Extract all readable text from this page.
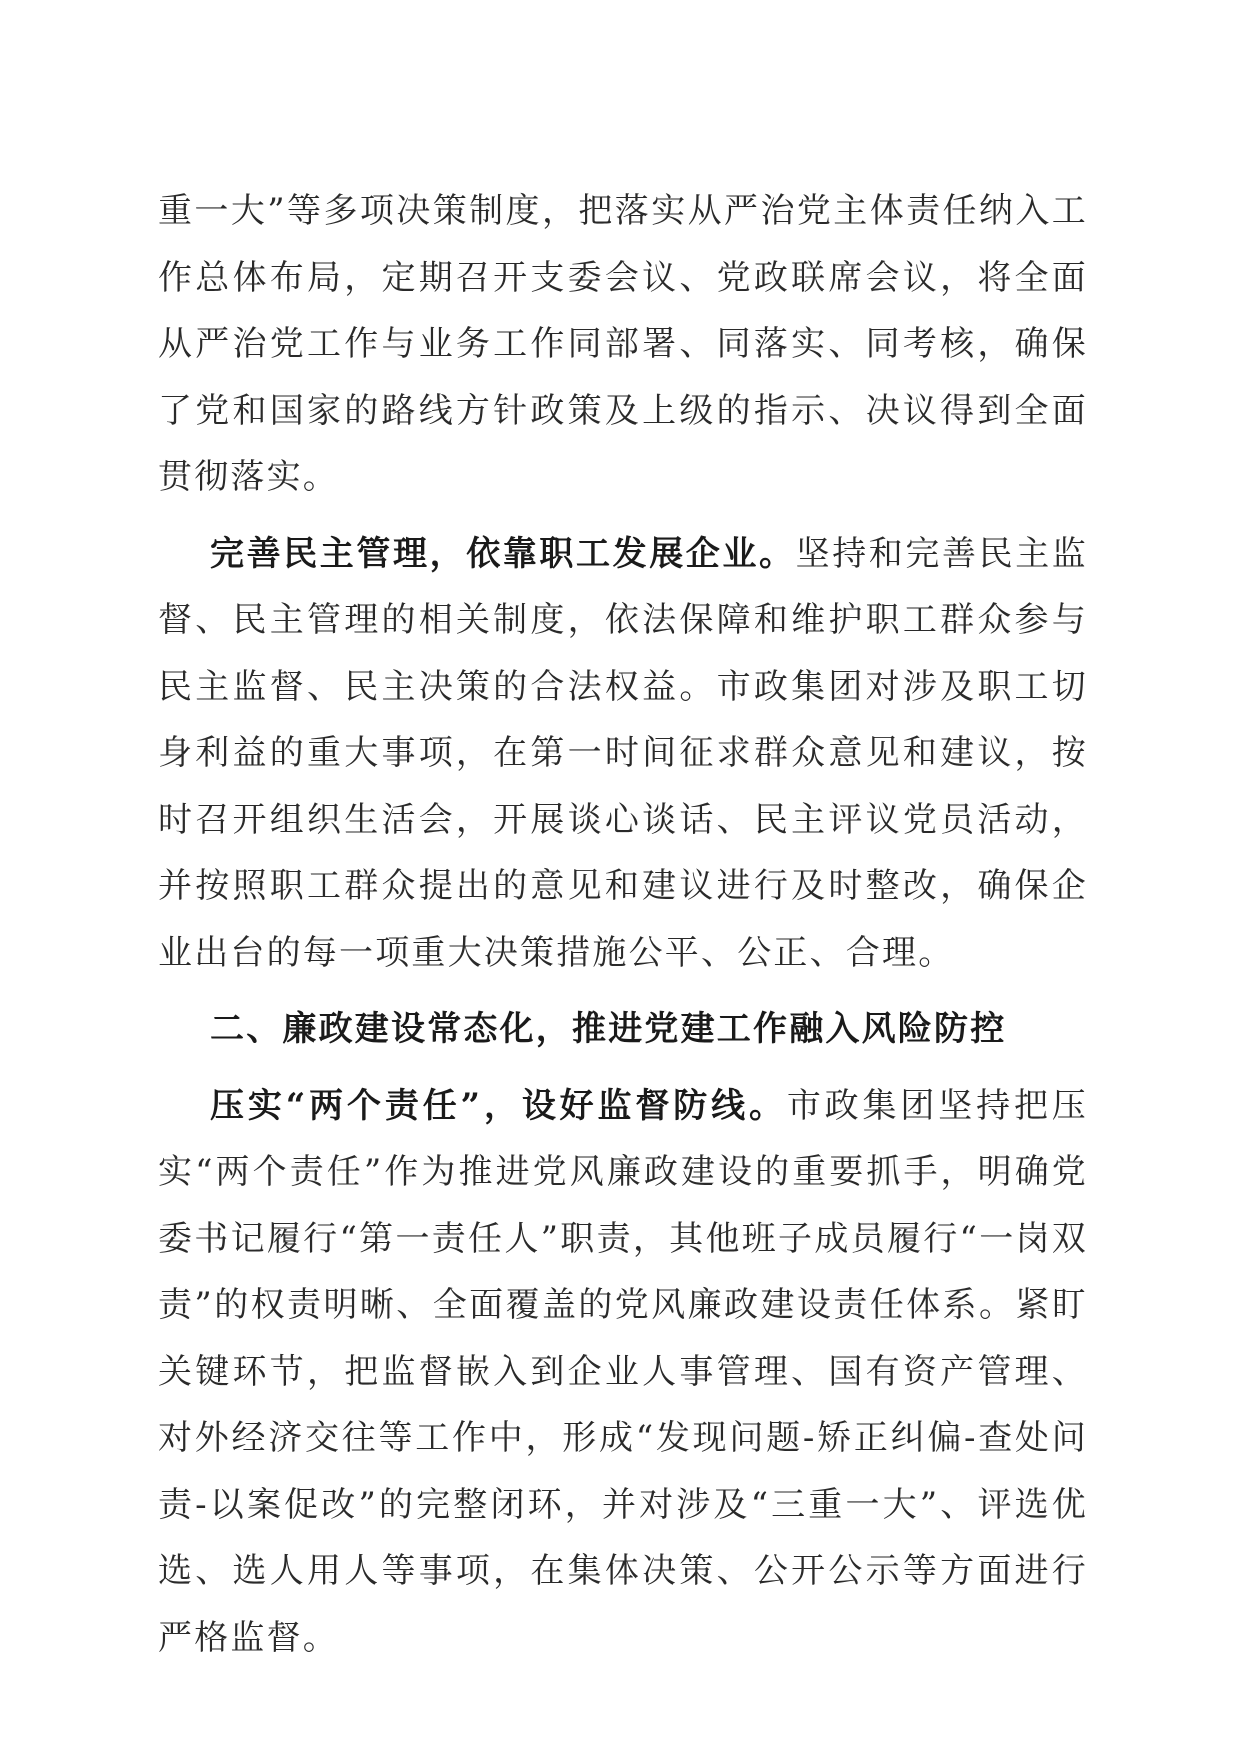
重一大”等多项决策制度，把落实从严治党主体责任纳入工作总体布局，定期召开支委会议、党政联席会议，将全面从严治党工作与业务工作同部署、同落实、同考核，确保了党和国家的路线方针政策及上级的指示、决议得到全面贯彻落实。

完善民主管理，依靠职工发展企业。坚持和完善民主监督、民主管理的相关制度，依法保障和维护职工群众参与民主监督、民主决策的合法权益。市政集团对涉及职工切身利益的重大事项，在第一时间征求群众意见和建议，按时召开组织生活会，开展谈心谈话、民主评议党员活动，并按照职工群众提出的意见和建议进行及时整改，确保企业出台的每一项重大决策措施公平、公正、合理。

二、廉政建设常态化，推进党建工作融入风险防控

压实“两个责任”，设好监督防线。市政集团坚持把压实“两个责任”作为推进党风廉政建设的重要抓手，明确党委书记履行“第一责任人”职责，其他班子成员履行“一岗双责”的权责明晰、全面覆盖的党风廉政建设责任体系。紧盯关键环节，把监督嵌入到企业人事管理、国有资产管理、对外经济交往等工作中，形成“发现问题-矫正纠偏-查处问责-以案促改”的完整闭环，并对涉及“三重一大”、评选优选、选人用人等事项，在集体决策、公开公示等方面进行严格监督。
